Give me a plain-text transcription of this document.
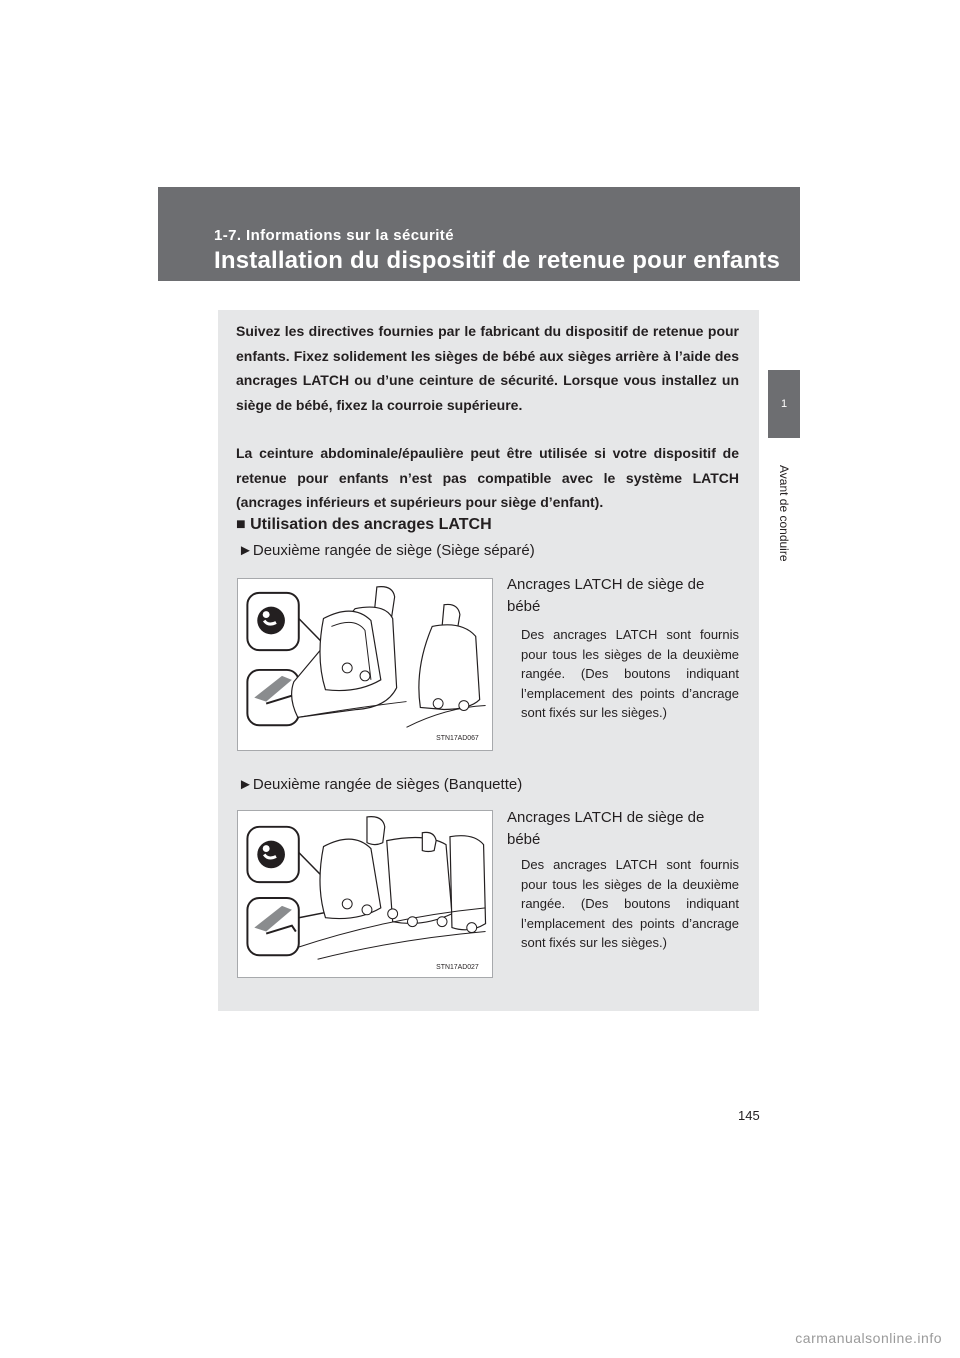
1-7. Informations sur la sécurité
Installation du dispositif de retenue pour enfants
1
Avant de conduire

Suivez les directives fournies par le fabricant du dispositif de retenue pour enfants. Fixez solidement les sièges de bébé aux sièges arrière à l’aide des ancrages LATCH ou d’une ceinture de sécurité. Lorsque vous installez un siège de bébé, fixez la courroie supérieure.

La ceinture abdominale/épaulière peut être utilisée si votre dispositif de retenue pour enfants n’est pas compatible avec le système LATCH (ancrages inférieurs et supérieurs pour siège d’enfant).

■ Utilisation des ancrages LATCH
►Deuxième rangée de siège (Siège séparé)
STN17AD067
Ancrages LATCH de siège de bébé

Des ancrages LATCH sont fournis pour tous les sièges de la deuxième rangée. (Des boutons indiquant l’emplacement des points d’ancrage sont fixés sur les sièges.)

►Deuxième rangée de sièges (Banquette)
STN17AD027
Ancrages LATCH de siège de bébé

Des ancrages LATCH sont fournis pour tous les sièges de la deuxième rangée. (Des boutons indiquant l’emplacement des points d’ancrage sont fixés sur les sièges.)

145
carmanualsonline.info
